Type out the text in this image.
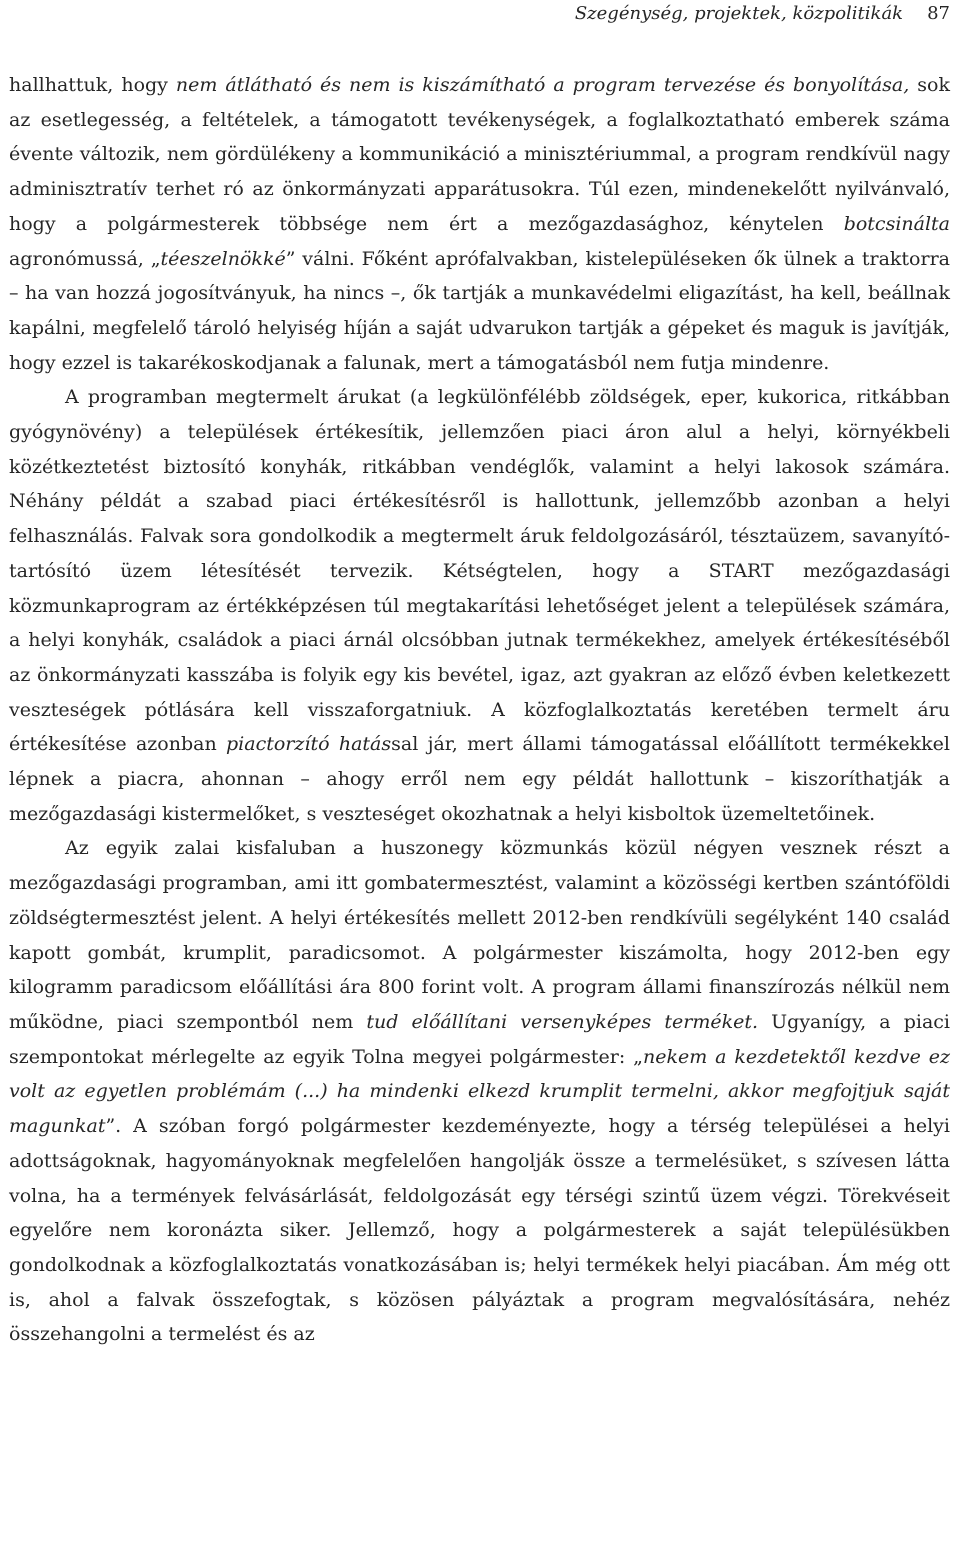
Szegénység, projektek, közpolitikák 87

hallhattuk, hogy nem átlátható és nem is kiszámítható a program tervezése és bonyolítása, sok az esetlegesség, a feltételek, a támogatott tevékenységek, a foglalkoztatható emberek száma évente változik, nem gördülékeny a kommunikáció a minisztériummal, a program rendkívül nagy adminisztratív terhet ró az önkormányzati apparátusokra. Túl ezen, mindenekelőtt nyilvánvaló, hogy a polgármesterek többsége nem ért a mezőgazdasághoz, kénytelen botcsinálta agronómussá, „téeszelnökké” válni. Főként aprófalvakban, kistelepüléseken ők ülnek a traktorra – ha van hozzá jogosítványuk, ha nincs –, ők tartják a munkavédelmi eligazítást, ha kell, beállnak kapálni, megfelelő tároló helyiség híján a saját udvarukon tartják a gépeket és maguk is javítják, hogy ezzel is takarékoskodjanak a falunak, mert a támogatásból nem futja mindenre.

A programban megtermelt árukat (a legkülönfélébb zöldségek, eper, kukorica, ritkábban gyógynövény) a települések értékesítik, jellemzően piaci áron alul a helyi, környékbeli közétkeztetést biztosító konyhák, ritkábban vendéglők, valamint a helyi lakosok számára. Néhány példát a szabad piaci értékesítésről is hallottunk, jellemzőbb azonban a helyi felhasználás. Falvak sora gondolkodik a megtermelt áruk feldolgozásáról, tésztaüzem, savanyító-tartósító üzem létesítését tervezik. Kétségtelen, hogy a START mezőgazdasági közmunkaprogram az értékképzésen túl megtakarítási lehetőséget jelent a települések számára, a helyi konyhák, családok a piaci árnál olcsóbban jutnak termékekhez, amelyek értékesítéséből az önkormányzati kasszába is folyik egy kis bevétel, igaz, azt gyakran az előző évben keletkezett veszteségek pótlására kell visszaforgatniuk. A közfoglalkoztatás keretében termelt áru értékesítése azonban piactorzító hatással jár, mert állami támogatással előállított termékekkel lépnek a piacra, ahonnan – ahogy erről nem egy példát hallottunk – kiszoríthatják a mezőgazdasági kistermelőket, s veszteséget okozhatnak a helyi kisboltok üzemeltetőinek.

Az egyik zalai kisfaluban a huszonegy közmunkás közül négyen vesznek részt a mezőgazdasági programban, ami itt gombatermesztést, valamint a közösségi kertben szántóföldi zöldségtermesztést jelent. A helyi értékesítés mellett 2012-ben rendkívüli segélyként 140 család kapott gombát, krumplit, paradicsomot. A polgármester kiszámolta, hogy 2012-ben egy kilogramm paradicsom előállítási ára 800 forint volt. A program állami finanszírozás nélkül nem működne, piaci szempontból nem tud előállítani versenyképes terméket. Ugyanígy, a piaci szempontokat mérlegelte az egyik Tolna megyei polgármester: „nekem a kezdetektől kezdve ez volt az egyetlen problémám (...) ha mindenki elkezd krumplit termelni, akkor megfojtjuk saját magunkat”. A szóban forgó polgármester kezdeményezte, hogy a térség települései a helyi adottságoknak, hagyományoknak megfelelően hangolják össze a termelésüket, s szívesen látta volna, ha a termények felvásárlását, feldolgozását egy térségi szintű üzem végzi. Törekvéseit egyelőre nem koronázta siker. Jellemző, hogy a polgármesterek a saját településükben gondolkodnak a közfoglalkoztatás vonatkozásában is; helyi termékek helyi piacában. Ám még ott is, ahol a falvak összefogtak, s közösen pályáztak a program megvalósítására, nehéz összehangolni a termelést és az
